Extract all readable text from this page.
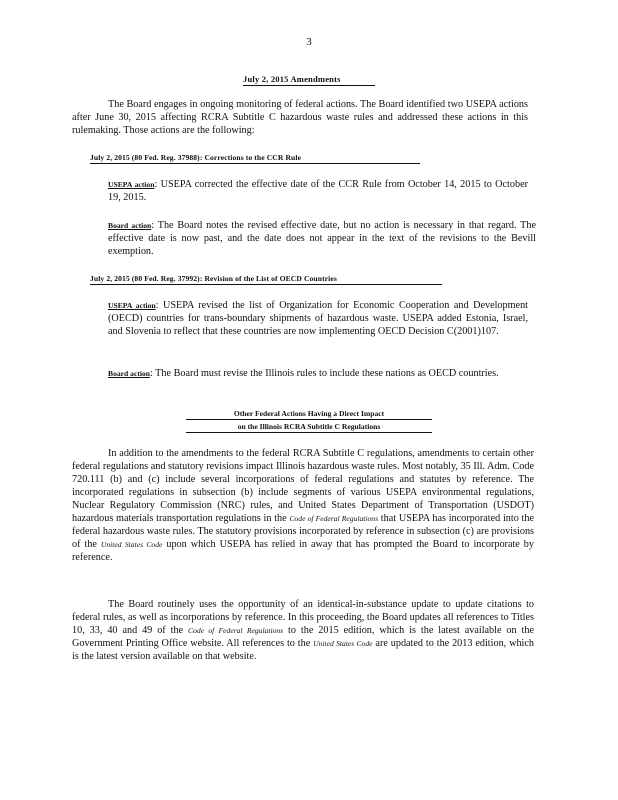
3
July 2, 2015 Amendments
The Board engages in ongoing monitoring of federal actions. The Board identified two USEPA actions after June 30, 2015 affecting RCRA Subtitle C hazardous waste rules and addressed these actions in this rulemaking. Those actions are the following:
July 2, 2015 (80 Fed. Reg. 37988): Corrections to the CCR Rule
USEPA action: USEPA corrected the effective date of the CCR Rule from October 14, 2015 to October 19, 2015.
Board action: The Board notes the revised effective date, but no action is necessary in that regard. The effective date is now past, and the date does not appear in the text of the revisions to the Bevill exemption.
July 2, 2015 (80 Fed. Reg. 37992): Revision of the List of OECD Countries
USEPA action: USEPA revised the list of Organization for Economic Cooperation and Development (OECD) countries for trans-boundary shipments of hazardous waste. USEPA added Estonia, Israel, and Slovenia to reflect that these countries are now implementing OECD Decision C(2001)107.
Board action: The Board must revise the Illinois rules to include these nations as OECD countries.
Other Federal Actions Having a Direct Impact
on the Illinois RCRA Subtitle C Regulations
In addition to the amendments to the federal RCRA Subtitle C regulations, amendments to certain other federal regulations and statutory revisions impact Illinois hazardous waste rules. Most notably, 35 Ill. Adm. Code 720.111 (b) and (c) include several incorporations of federal regulations and statutes by reference. The incorporated regulations in subsection (b) include segments of various USEPA environmental regulations, Nuclear Regulatory Commission (NRC) rules, and United States Department of Transportation (USDOT) hazardous materials transportation regulations in the Code of Federal Regulations that USEPA has incorporated into the federal hazardous waste rules. The statutory provisions incorporated by reference in subsection (c) are provisions of the United States Code upon which USEPA has relied in away that has prompted the Board to incorporate by reference.
The Board routinely uses the opportunity of an identical-in-substance update to update citations to federal rules, as well as incorporations by reference. In this proceeding, the Board updates all references to Titles 10, 33, 40 and 49 of the Code of Federal Regulations to the 2015 edition, which is the latest available on the Government Printing Office website. All references to the United States Code are updated to the 2013 edition, which is the latest version available on that website.
